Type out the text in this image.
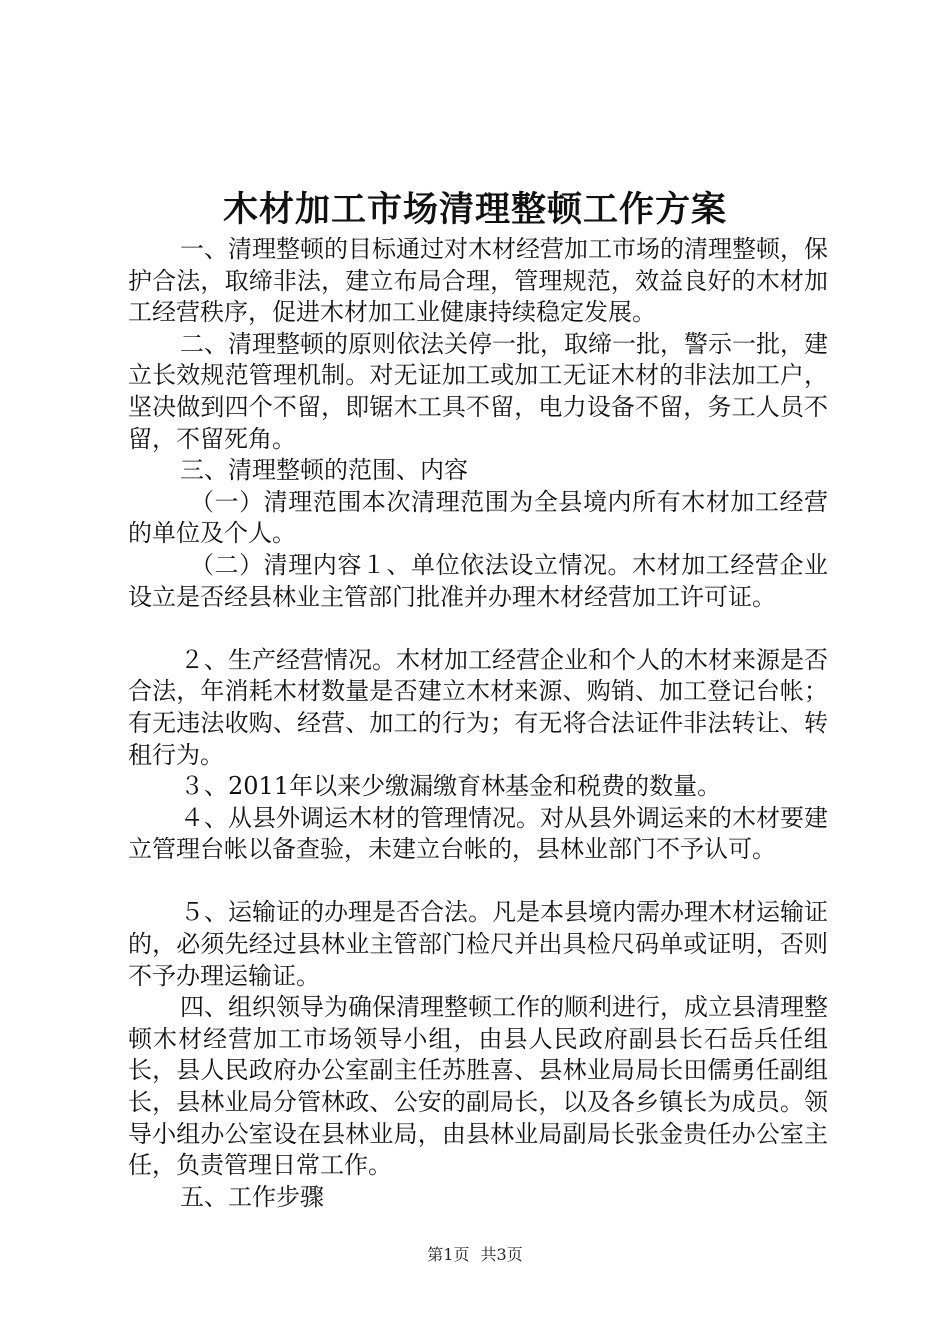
木材加工市场清理整顿工作方案

一、清理整顿的目标通过对木材经营加工市场的清理整顿，保护合法，取缔非法，建立布局合理，管理规范，效益良好的木材加工经营秩序，促进木材加工业健康持续稳定发展。

二、清理整顿的原则依法关停一批，取缔一批，警示一批，建立长效规范管理机制。对无证加工或加工无证木材的非法加工户，坚决做到四个不留，即锯木工具不留，电力设备不留，务工人员不留，不留死角。

三、清理整顿的范围、内容

（一）清理范围本次清理范围为全县境内所有木材加工经营的单位及个人。

（二）清理内容１、单位依法设立情况。木材加工经营企业设立是否经县林业主管部门批准并办理木材经营加工许可证。

２、生产经营情况。木材加工经营企业和个人的木材来源是否合法，年消耗木材数量是否建立木材来源、购销、加工登记台帐；有无违法收购、经营、加工的行为；有无将合法证件非法转让、转租行为。

３、2011年以来少缴漏缴育林基金和税费的数量。

４、从县外调运木材的管理情况。对从县外调运来的木材要建立管理台帐以备查验，未建立台帐的，县林业部门不予认可。

５、运输证的办理是否合法。凡是本县境内需办理木材运输证的，必须先经过县林业主管部门检尺并出具检尺码单或证明，否则不予办理运输证。

四、组织领导为确保清理整顿工作的顺利进行，成立县清理整顿木材经营加工市场领导小组，由县人民政府副县长石岳兵任组长，县人民政府办公室副主任苏胜喜、县林业局局长田儒勇任副组长，县林业局分管林政、公安的副局长，以及各乡镇长为成员。领导小组办公室设在县林业局，由县林业局副局长张金贵任办公室主任，负责管理日常工作。

五、工作步骤

第1页 共3页
